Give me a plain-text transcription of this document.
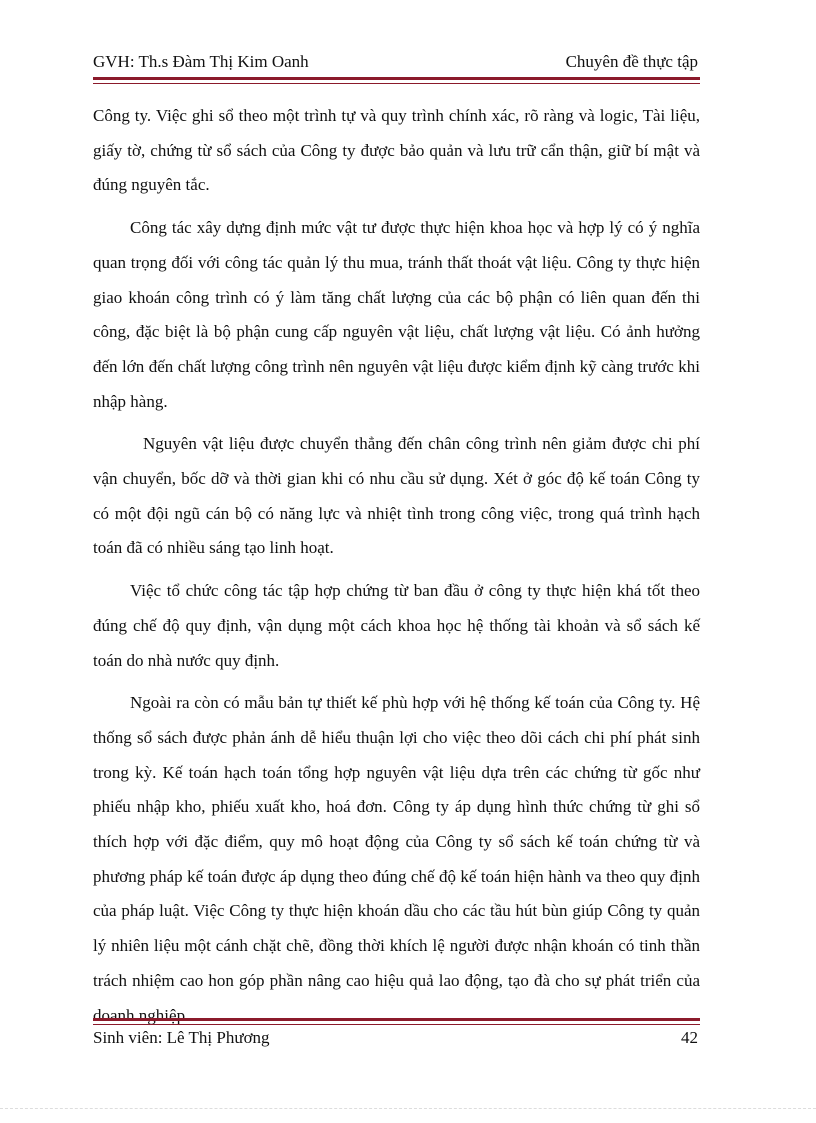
GVH: Th.s Đàm Thị Kim Oanh	Chuyên đề thực tập

Công ty. Việc ghi sổ theo một trình tự và quy trình chính xác, rõ ràng và logic, Tài liệu, giấy tờ, chứng từ sổ sách của Công ty được bảo quản và lưu trữ cẩn thận, giữ bí mật và đúng nguyên tắc.

Công tác xây dựng định mức vật tư được thực hiện khoa học và hợp lý có ý nghĩa quan trọng đối với công tác quản lý thu mua, tránh thất thoát vật liệu. Công ty thực hiện giao khoán công trình có ý làm tăng chất lượng của các bộ phận có liên quan đến thi công, đặc biệt là bộ phận cung cấp nguyên vật liệu, chất lượng vật liệu. Có ảnh hưởng đến lớn đến chất lượng công trình nên nguyên vật liệu được kiểm định kỹ càng trước khi nhập hàng.

Nguyên vật liệu được chuyển thẳng đến chân công trình nên giảm được chi phí vận chuyển, bốc dỡ và thời gian khi có nhu cầu sử dụng. Xét ở góc độ kế toán Công ty có một đội ngũ cán bộ có năng lực và nhiệt tình trong công việc, trong quá trình hạch toán đã có nhiều sáng tạo linh hoạt.

Việc tổ chức công tác tập hợp chứng từ ban đầu ở công ty thực hiện khá tốt theo đúng chế độ quy định, vận dụng một cách khoa học hệ thống tài khoản và sổ sách kế toán do nhà nước quy định.

Ngoài ra còn có mẫu bản tự thiết kế phù hợp với hệ thống kế toán của Công ty. Hệ thống sổ sách được phản ánh dễ hiểu thuận lợi cho việc theo dõi cách chi phí phát sinh trong kỳ. Kế toán hạch toán tổng hợp nguyên vật liệu dựa trên các chứng từ gốc như phiếu nhập kho, phiếu xuất kho, hoá đơn. Công ty áp dụng hình thức chứng từ ghi sổ thích hợp với đặc điểm, quy mô hoạt động của Công ty sổ sách kế toán chứng từ và phương pháp kế toán được áp dụng theo đúng chế độ kế toán hiện hành va theo quy định của pháp luật. Việc Công ty thực hiện khoán dầu cho các tầu hút bùn giúp Công ty quản lý nhiên liệu một cánh chặt chẽ, đồng thời khích lệ người được nhận khoán có tinh thần trách nhiệm cao hon góp phần nâng cao hiệu quả lao động, tạo đà cho sự phát triển của doanh nghiệp.

Sinh viên: Lê Thị Phương	42
